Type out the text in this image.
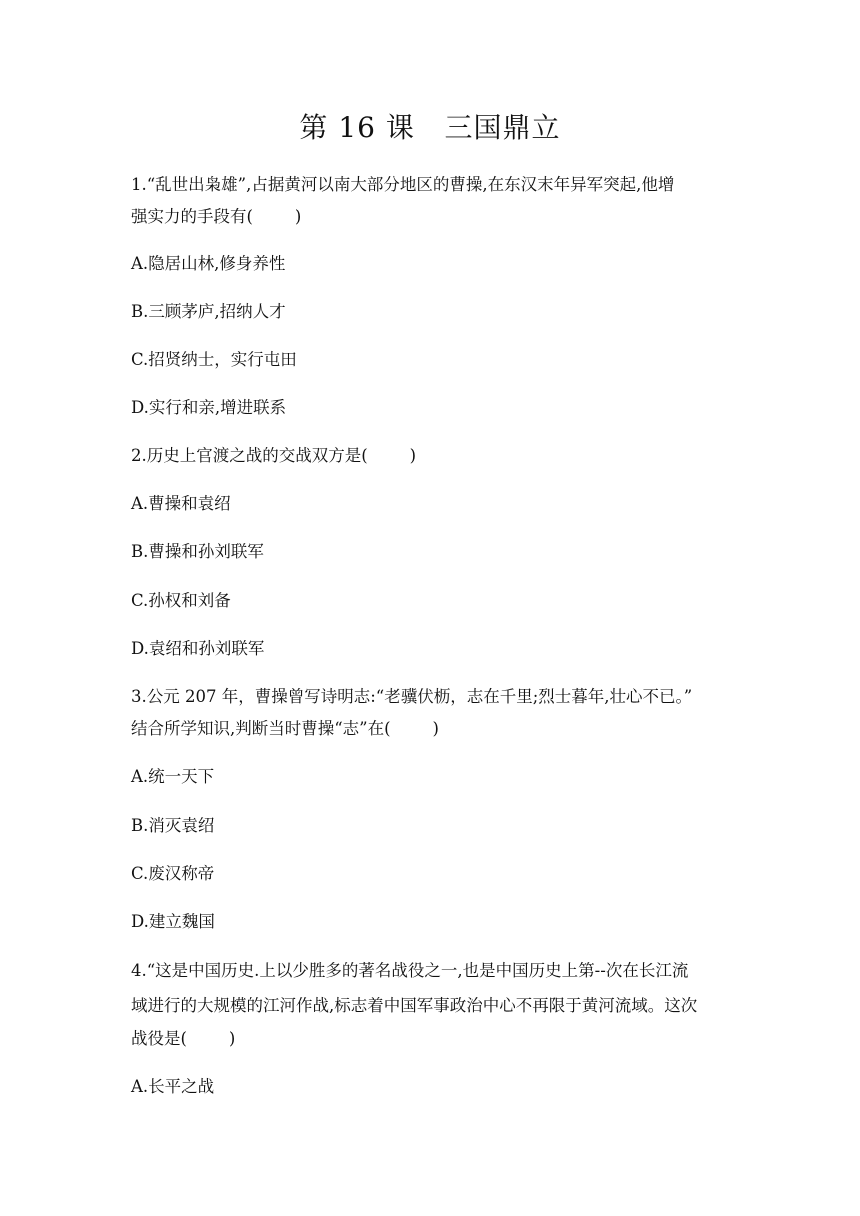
第 16 课   三国鼎立
1.“乱世出枭雄”,占据黄河以南大部分地区的曹操,在东汉末年异军突起,他增
强实力的手段有(        )
A.隐居山林,修身养性
B.三顾茅庐,招纳人才
C.招贤纳士，实行屯田
D.实行和亲,增进联系
2.历史上官渡之战的交战双方是(        )
A.曹操和袁绍
B.曹操和孙刘联军
C.孙权和刘备
D.袁绍和孙刘联军
3.公元 207 年，曹操曾写诗明志:“老骥伏枥，志在千里;烈士暮年,壮心不已。”
结合所学知识,判断当时曹操“志”在(        )
A.统一天下
B.消灭袁绍
C.废汉称帝
D.建立魏国
4.“这是中国历史.上以少胜多的著名战役之一,也是中国历史上第--次在长江流
域进行的大规模的江河作战,标志着中国军事政治中心不再限于黄河流域。这次
战役是(        )
A.长平之战
